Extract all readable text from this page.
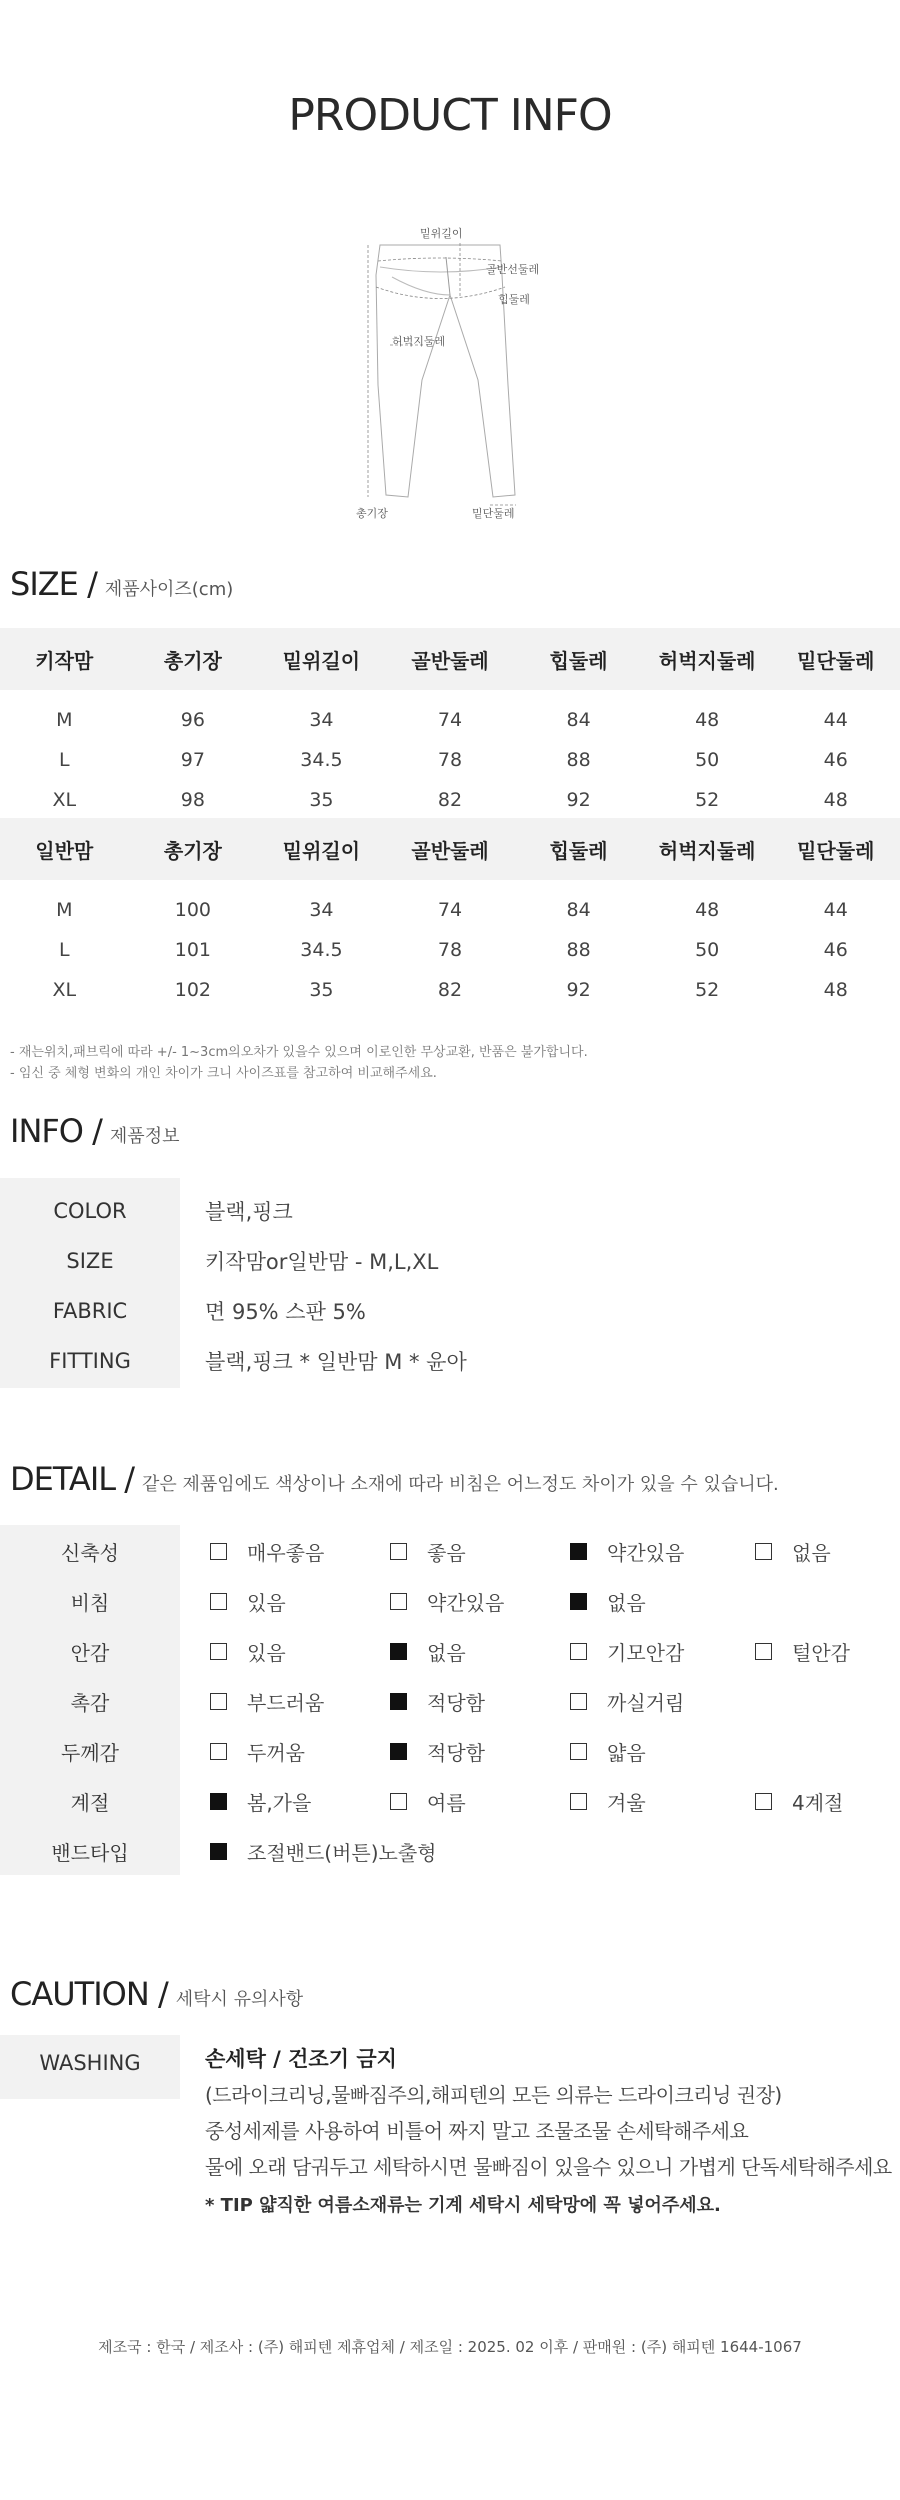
PRODUCT INFO
밑위길이
골반선둘레
힙둘레
허벅지둘레
총기장	밑단둘레
SIZE / 제품사이즈(cm)
키작맘	총기장	밑위길이	골반둘레	힙둘레	허벅지둘레	밑단둘레
M	96	34	74	84	48	44
L	97	34.5	78	88	50	46
XL	98	35	82	92	52	48
일반맘	총기장	밑위길이	골반둘레	힙둘레	허벅지둘레	밑단둘레
M	100	34	74	84	48	44
L	101	34.5	78	88	50	46
XL	102	35	82	92	52	48
- 재는위치,패브릭에 따라 +/- 1~3cm의오차가 있을수 있으며 이로인한 무상교환, 반품은 불가합니다.
- 임신 중 체형 변화의 개인 차이가 크니 사이즈표를 참고하여 비교해주세요.
INFO / 제품정보
COLOR	블랙,핑크
SIZE	키작맘or일반맘 - M,L,XL
FABRIC	면 95% 스판 5%
FITTING	블랙,핑크 * 일반맘 M * 윤아
DETAIL / 같은 제품임에도 색상이나 소재에 따라 비침은 어느정도 차이가 있을 수 있습니다.
신축성	매우좋음	좋음	약간있음	없음
비침	있음	약간있음	없음
안감	있음	없음	기모안감	털안감
촉감	부드러움	적당함	까실거림
두께감	두꺼움	적당함	얇음
계절	봄,가을	여름	겨울	4계절
밴드타입	조절밴드(버튼)노출형
CAUTION / 세탁시 유의사항
WASHING	손세탁 / 건조기 금지
(드라이크리닝,물빠짐주의,해피텐의 모든 의류는 드라이크리닝 권장)
중성세제를 사용하여 비틀어 짜지 말고 조물조물 손세탁해주세요
물에 오래 담궈두고 세탁하시면 물빠짐이 있을수 있으니 가볍게 단독세탁해주세요
* TIP 얇직한 여름소재류는 기계 세탁시 세탁망에 꼭 넣어주세요.
제조국 : 한국 / 제조사 : (주) 해피텐 제휴업체 / 제조일 : 2025. 02 이후 / 판매원 : (주) 해피텐 1644-1067
